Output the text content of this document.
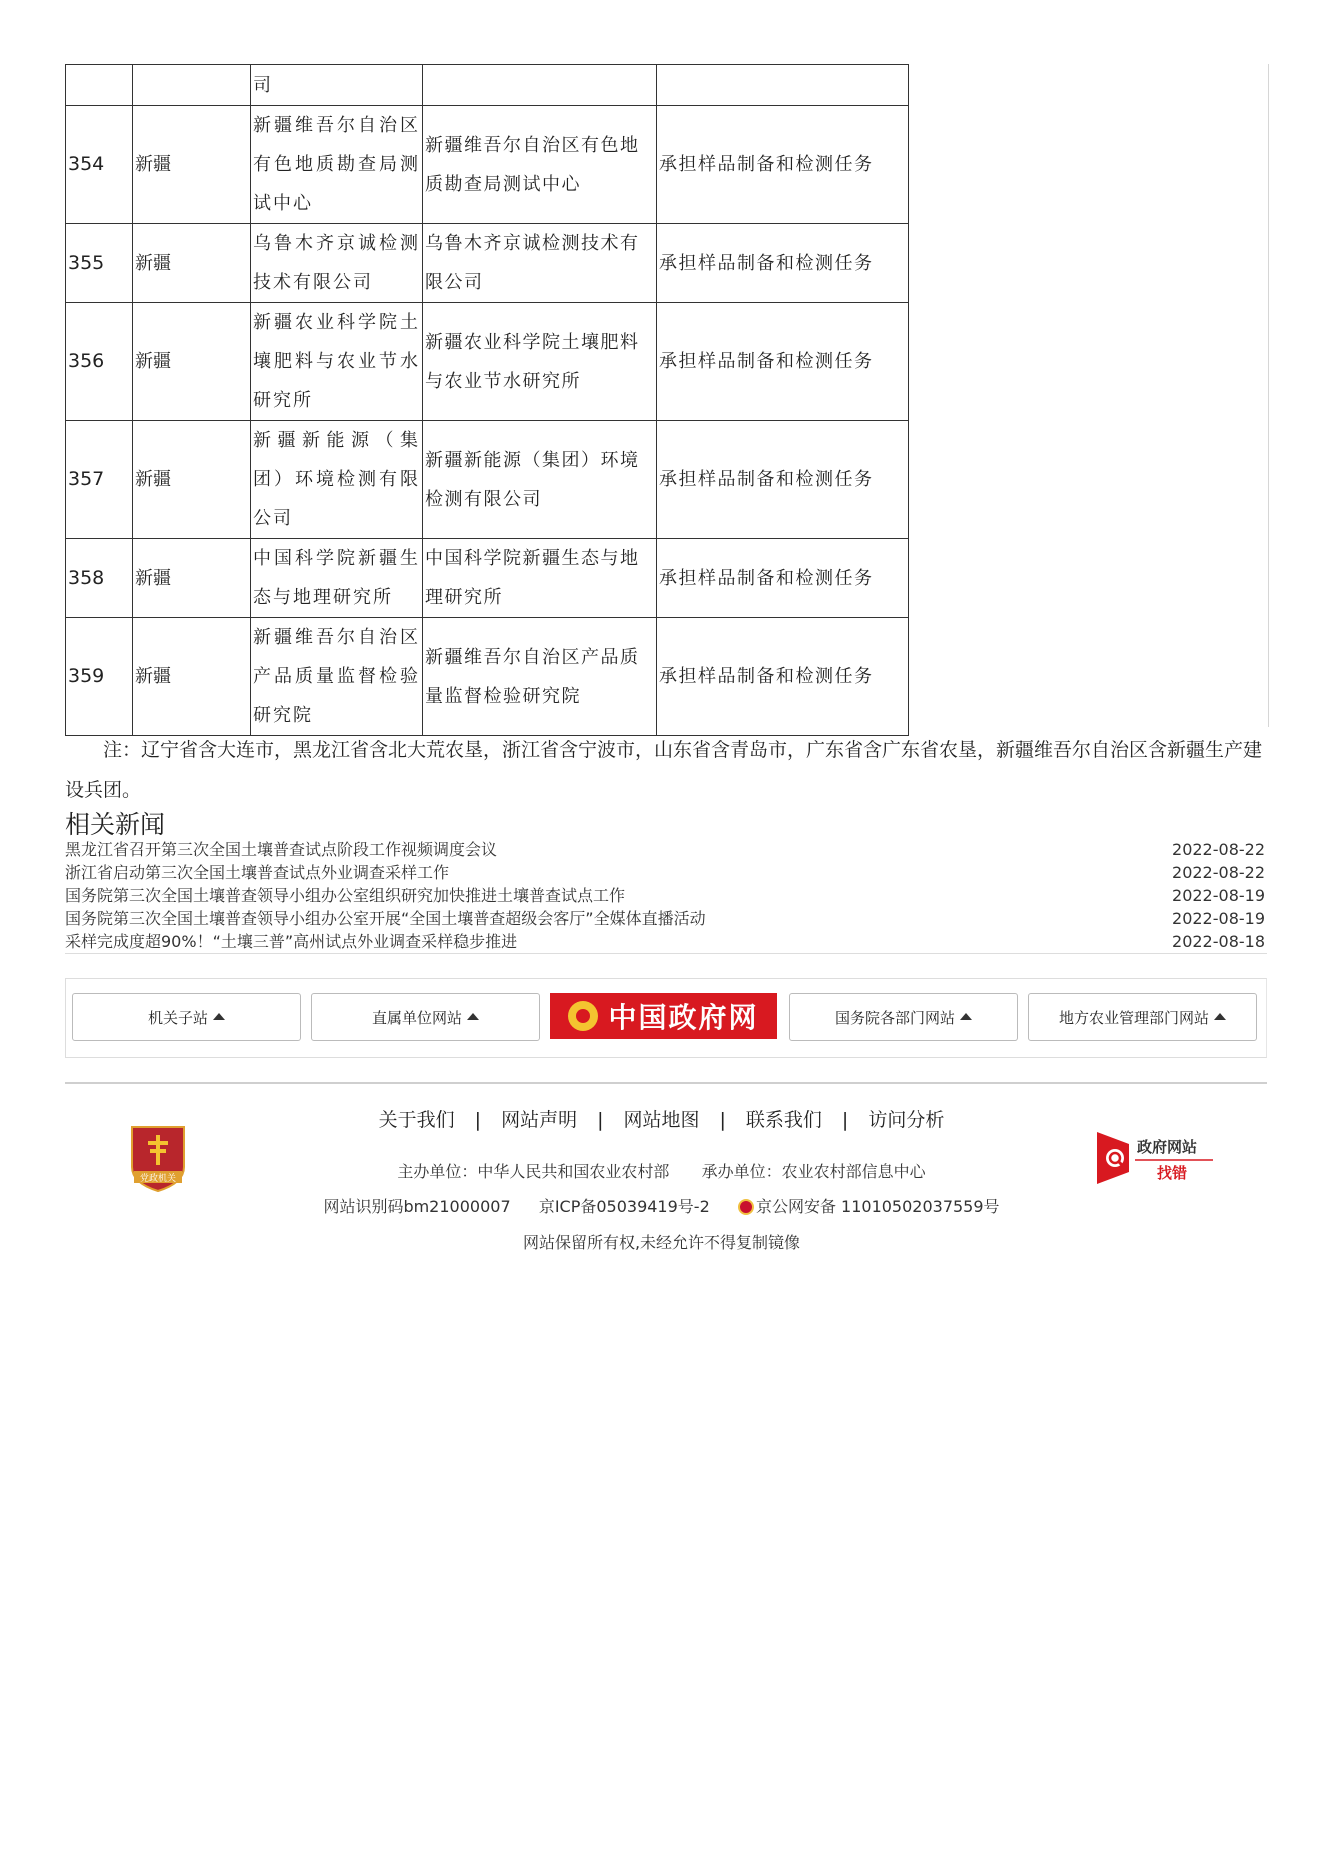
		司		
354	新疆	新疆维吾尔自治区有色地质勘查局测试中心	新疆维吾尔自治区有色地质勘查局测试中心	承担样品制备和检测任务
355	新疆	乌鲁木齐京诚检测技术有限公司	乌鲁木齐京诚检测技术有限公司	承担样品制备和检测任务
356	新疆	新疆农业科学院土壤肥料与农业节水研究所	新疆农业科学院土壤肥料与农业节水研究所	承担样品制备和检测任务
357	新疆	新疆新能源（集团）环境检测有限公司	新疆新能源（集团）环境检测有限公司	承担样品制备和检测任务
358	新疆	中国科学院新疆生态与地理研究所	中国科学院新疆生态与地理研究所	承担样品制备和检测任务
359	新疆	新疆维吾尔自治区产品质量监督检验研究院	新疆维吾尔自治区产品质量监督检验研究院	承担样品制备和检测任务
注：辽宁省含大连市，黑龙江省含北大荒农垦，浙江省含宁波市，山东省含青岛市，广东省含广东省农垦，新疆维吾尔自治区含新疆生产建设兵团。
相关新闻
黑龙江省召开第三次全国土壤普查试点阶段工作视频调度会议	2022-08-22
浙江省启动第三次全国土壤普查试点外业调查采样工作	2022-08-22
国务院第三次全国土壤普查领导小组办公室组织研究加快推进土壤普查试点工作	2022-08-19
国务院第三次全国土壤普查领导小组办公室开展“全国土壤普查超级会客厅”全媒体直播活动	2022-08-19
采样完成度超90%！“土壤三普”高州试点外业调查采样稳步推进	2022-08-18
机关子站	直属单位网站	中国政府网	国务院各部门网站	地方农业管理部门网站
党政机关
关于我们 | 网站声明 | 网站地图 | 联系我们 | 访问分析
主办单位：中华人民共和国农业农村部 承办单位：农业农村部信息中心
网站识别码bm21000007 京ICP备05039419号-2	京公网安备 11010502037559号
网站保留所有权,未经允许不得复制镜像
政府网站
找错
